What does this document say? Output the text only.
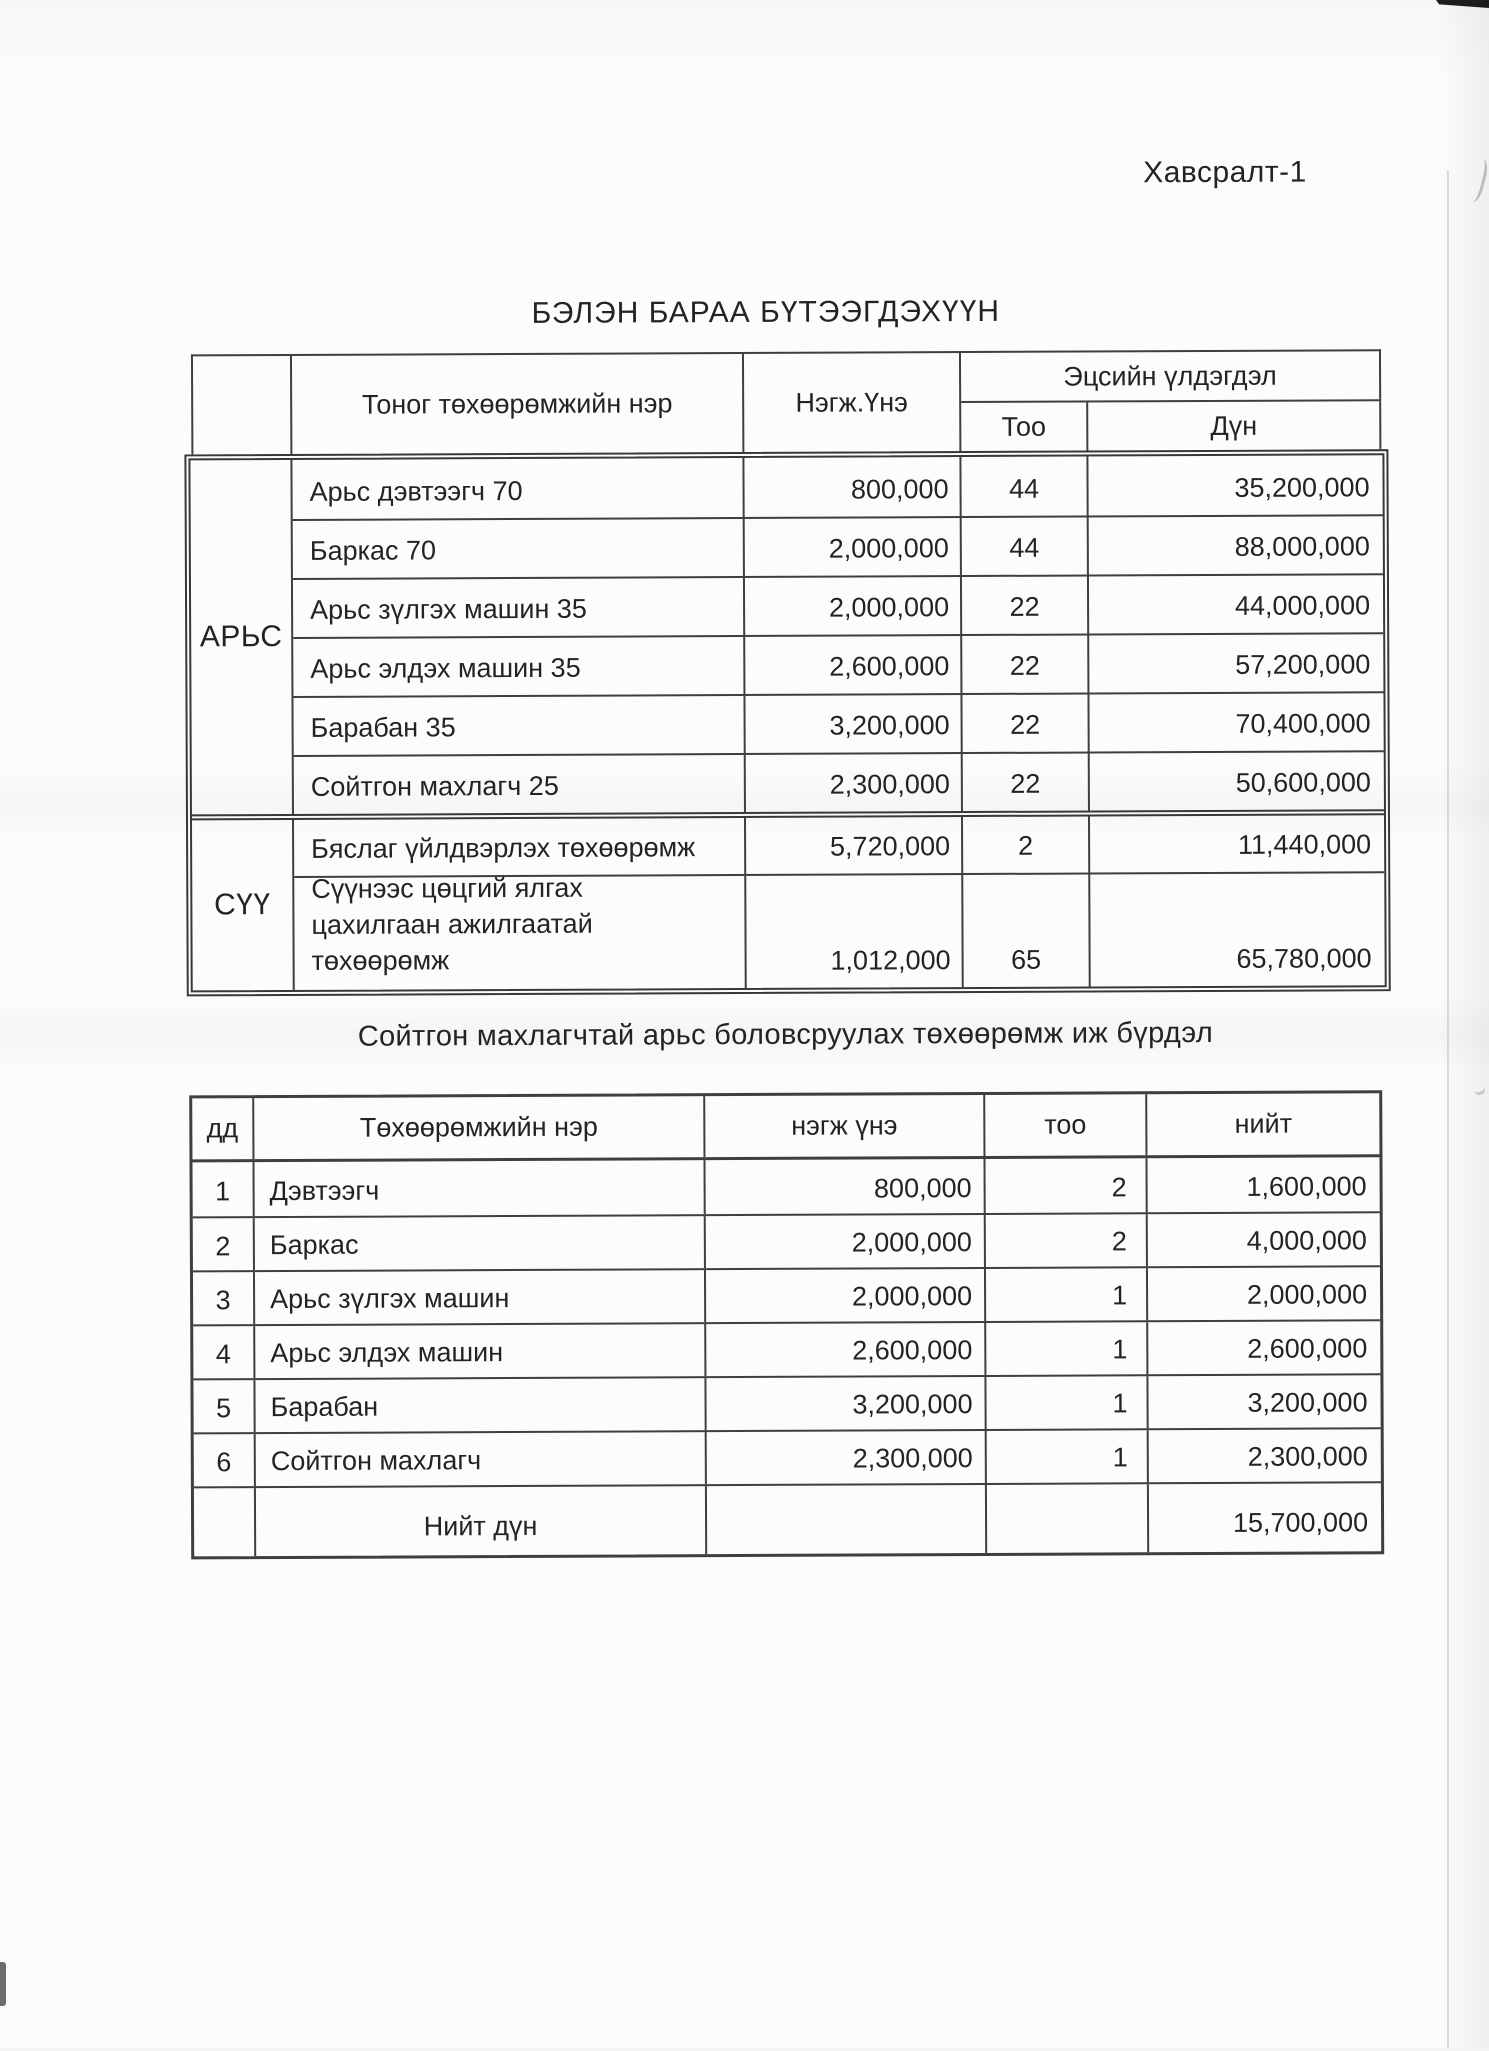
Хавсралт-1
БЭЛЭН БАРАА БҮТЭЭГДЭХҮҮН
Тоног төхөөрөмжийн нэр	Нэгж.Үнэ
Эцсийн үлдэгдэл
Тоо	Дүн
АРЬС
Арьс дэвтээгч 70	800,000	44	35,200,000
Баркас 70	2,000,000	44	88,000,000
Арьс зүлгэх машин 35	2,000,000	22	44,000,000
Арьс элдэх машин 35	2,600,000	22	57,200,000
Барабан 35	3,200,000	22	70,400,000
Сойтгон махлагч 25	2,300,000	22	50,600,000
СҮҮ
Бяслаг үйлдвэрлэх төхөөрөмж	5,720,000	2	11,440,000
Сүүнээс цөцгий ялгах цахилгаан ажилгаатай төхөөрөмж	1,012,000	65	65,780,000
Сойтгон махлагчтай арьс боловсруулах төхөөрөмж иж бүрдэл
дд	Төхөөрөмжийн нэр	нэгж үнэ	тоо	нийт
1	Дэвтээгч	800,000	2	1,600,000
2	Баркас	2,000,000	2	4,000,000
3	Арьс зүлгэх машин	2,000,000	1	2,000,000
4	Арьс элдэх машин	2,600,000	1	2,600,000
5	Барабан	3,200,000	1	3,200,000
6	Сойтгон махлагч	2,300,000	1	2,300,000
Нийт дүн	15,700,000
